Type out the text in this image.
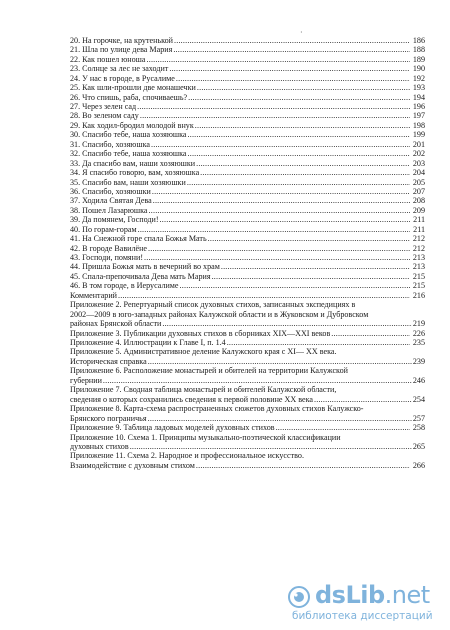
·
20. На горочке, на крутенькой .....	186
21. Шла по улице дева Мария .....	188
22. Как пошел юноша .....	189
23. Солнце за лес не заходит .....	190
24. У нас в городе, в Русалиме .....	192
25. Как шли-прошли две монашечки .....	193
26. Что спишь, раба, спочиваешь? .....	194
27. Через зелен сад .....	196
28. Во зеленом саду .....	197
29. Как ходил-бродил молодой внук .....	198
30. Спасибо тебе, наша хозяюшка .....	199
31. Спасибо, хозяюшка .....	201
32. Спасибо тебе, наша хозяюшка .....	202
33. Да спасибо вам, наши хозяюшки .....	203
34. Я спасибо говорю, вам, хозяюшка .....	204
35. Спасибо вам, наши хозяюшки .....	205
36. Спасибо, хозяюшки .....	207
37. Ходила Святая Дева .....	208
38. Пошел Лазарюшка .....	209
39. Да помянем, Господи! .....	211
40. По горам-горам .....	211
41. На Снежной горе спала Божья Мать .....	212
42. В городе Вавилёне .....	212
43. Господи, помяни! .....	213
44. Пришла Божья мать в вечерний во храм .....	213
45. Спала-препочивала Дева мать Мария .....	215
46. В том городе, в Иерусалиме .....	215
Комментарий .....	216
Приложение 2. Репертуарный список духовных стихов, записанных экспедициях в
2002—2009 в юго-западных районах Калужской области и в Жуковском и Дубровском
районах Брянской области .....	219
Приложение 3. Публикации духовных стихов в сборниках XIX—XXI веков .....	226
Приложение 4. Иллюстрации к Главе I, п. 1.4 .....	235
Приложение 5. Административное деление Калужского края с XI— XX века.
Историческая справка .....	239
Приложение 6. Расположение монастырей и обителей на территории Калужской
губернии .....	246
Приложение 7. Сводная таблица монастырей и обителей Калужской области,
сведения о которых сохранились сведения к первой половине XX века .....	254
Приложение 8. Карта-схема распространенных сюжетов духовных стихов Калужско-
Брянского пограничья .....	257
Приложение 9. Таблица ладовых моделей духовных стихов .....	258
Приложение 10. Схема 1. Принципы музыкально-поэтической классификации
духовных стихов .....	265
Приложение 11. Схема 2. Народное и профессиональное искусство.
Взаимодействие с духовным стихом .....	266
dsLib.net
библиотека диссертаций
